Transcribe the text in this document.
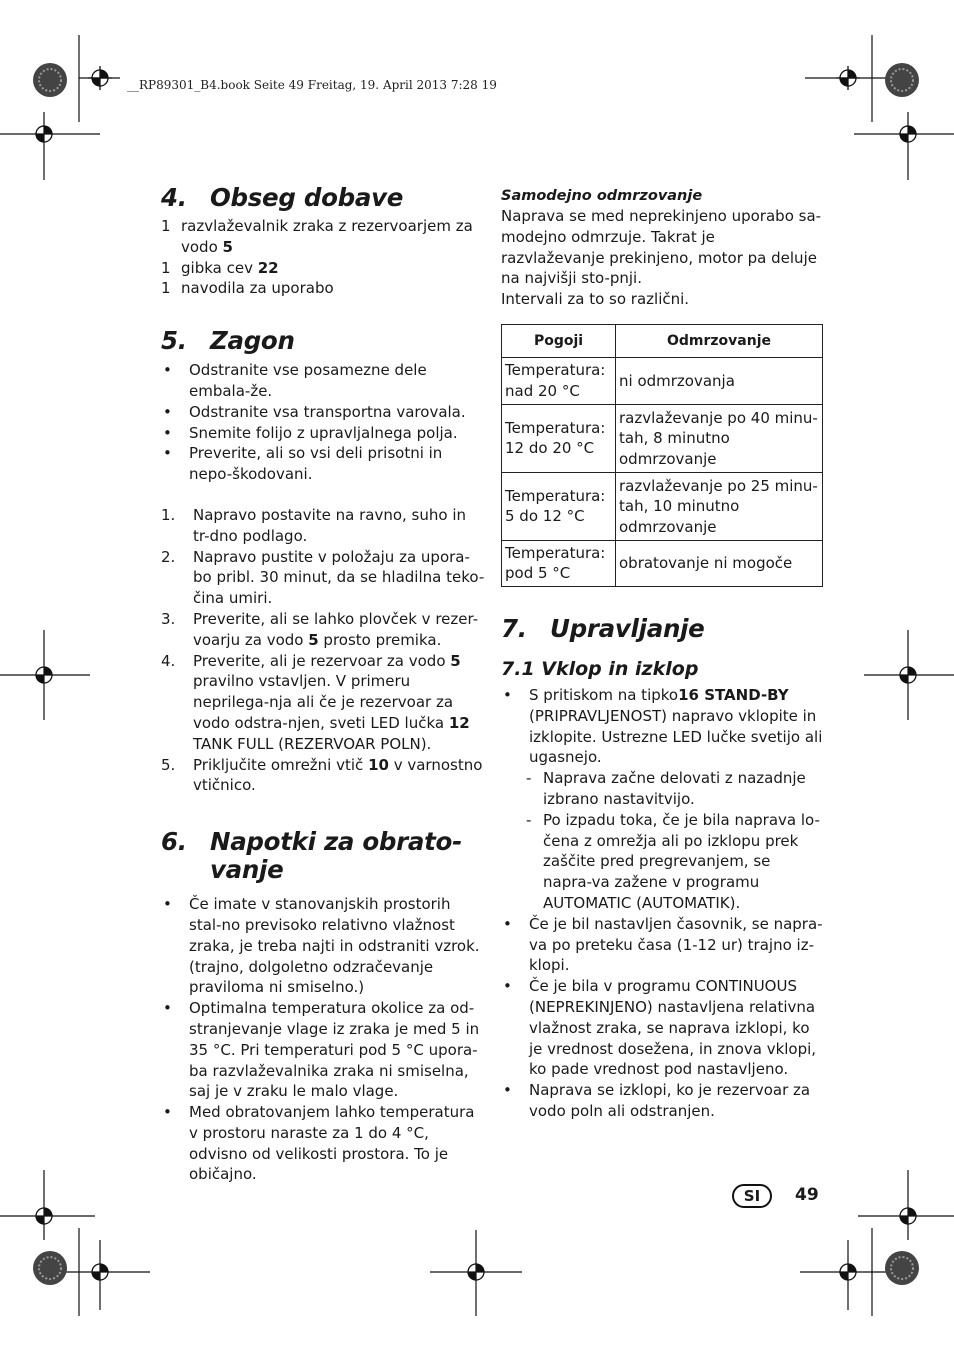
__RP89301_B4.book Seite 49 Freitag, 19. April 2013 7:28 19
4. Obseg dobave
1 razvlaževalnik zraka z rezervoarjem za vodo 5
1 gibka cev 22
1 navodila za uporabo
5. Zagon
•	Odstranite vse posamezne dele embala-že.
•	Odstranite vsa transportna varovala.
•	Snemite folijo z upravljalnega polja.
•	Preverite, ali so vsi deli prisotni in nepo-škodovani.
1.	Napravo postavite na ravno, suho in tr-dno podlago.
2.	Napravo pustite v položaju za upora-bo pribl. 30 minut, da se hladilna teko-čina umiri.
3.	Preverite, ali se lahko plovček v rezer-voarju za vodo 5 prosto premika.
4.	Preverite, ali je rezervoar za vodo 5 pravilno vstavljen. V primeru neprilega-nja ali če je rezervoar za vodo odstra-njen, sveti LED lučka 12 TANK FULL (REZERVOAR POLN).
5.	Priključite omrežni vtič 10 v varnostno vtičnico.
6. Napotki za obrato-vanje
•	Če imate v stanovanjskih prostorih stal-no previsoko relativno vlažnost zraka, je treba najti in odstraniti vzrok. (trajno, dolgoletno odzračevanje praviloma ni smiselno.)
•	Optimalna temperatura okolice za od-stranjevanje vlage iz zraka je med 5 in 35 °C. Pri temperaturi pod 5 °C upora-ba razvlaževalnika zraka ni smiselna, saj je v zraku le malo vlage.
•	Med obratovanjem lahko temperatura v prostoru naraste za 1 do 4 °C, odvisno od velikosti prostora. To je običajno.
Samodejno odmrzovanje

Naprava se med neprekinjeno uporabo sa-modejno odmrzuje. Takrat je razvlaževanje prekinjeno, motor pa deluje na najvišji sto-pnji.

Intervali za to so različni.

Pogoji	Odmrzovanje
Temperatura: nad 20 °C	ni odmrzovanja
Temperatura: 12 do 20 °C	razvlaževanje po 40 minu-tah, 8 minutno odmrzovanje
Temperatura: 5 do 12 °C	razvlaževanje po 25 minu-tah, 10 minutno odmrzovanje
Temperatura: pod 5 °C	obratovanje ni mogoče
7. Upravljanje
7.1 Vklop in izklop
•	S pritiskom na tipko16 STAND-BY (PRIPRAVLJENOST) napravo vklopite in izklopite. Ustrezne LED lučke svetijo ali ugasnejo.
- Naprava začne delovati z nazadnje izbrano nastavitvijo.
- Po izpadu toka, če je bila naprava lo-čena z omrežja ali po izklopu prek zaščite pred pregrevanjem, se napra-va zažene v programu AUTOMATIC (AUTOMATIK).
•	Če je bil nastavljen časovnik, se napra-va po preteku časa (1-12 ur) trajno iz-klopi.
•	Če je bila v programu CONTINUOUS (NEPREKINJENO) nastavljena relativna vlažnost zraka, se naprava izklopi, ko je vrednost dosežena, in znova vklopi, ko pade vrednost pod nastavljeno.
•	Naprava se izklopi, ko je rezervoar za vodo poln ali odstranjen.
SI	49
